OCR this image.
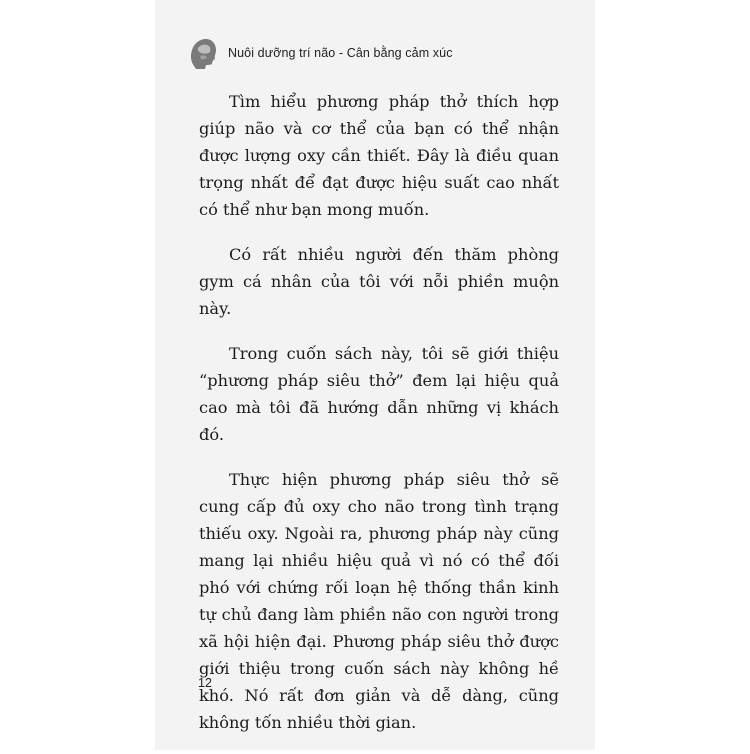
Nuôi dưỡng trí não - Cân bằng cảm xúc

Tìm hiểu phương pháp thở thích hợp giúp não và cơ thể của bạn có thể nhận được lượng oxy cần thiết. Đây là điều quan trọng nhất để đạt được hiệu suất cao nhất có thể như bạn mong muốn.

Có rất nhiều người đến thăm phòng gym cá nhân của tôi với nỗi phiền muộn này.

Trong cuốn sách này, tôi sẽ giới thiệu “phương pháp siêu thở” đem lại hiệu quả cao mà tôi đã hướng dẫn những vị khách đó.

Thực hiện phương pháp siêu thở sẽ cung cấp đủ oxy cho não trong tình trạng thiếu oxy. Ngoài ra, phương pháp này cũng mang lại nhiều hiệu quả vì nó có thể đối phó với chứng rối loạn hệ thống thần kinh tự chủ đang làm phiền não con người trong xã hội hiện đại. Phương pháp siêu thở được giới thiệu trong cuốn sách này không hề khó. Nó rất đơn giản và dễ dàng, cũng không tốn nhiều thời gian.

12
